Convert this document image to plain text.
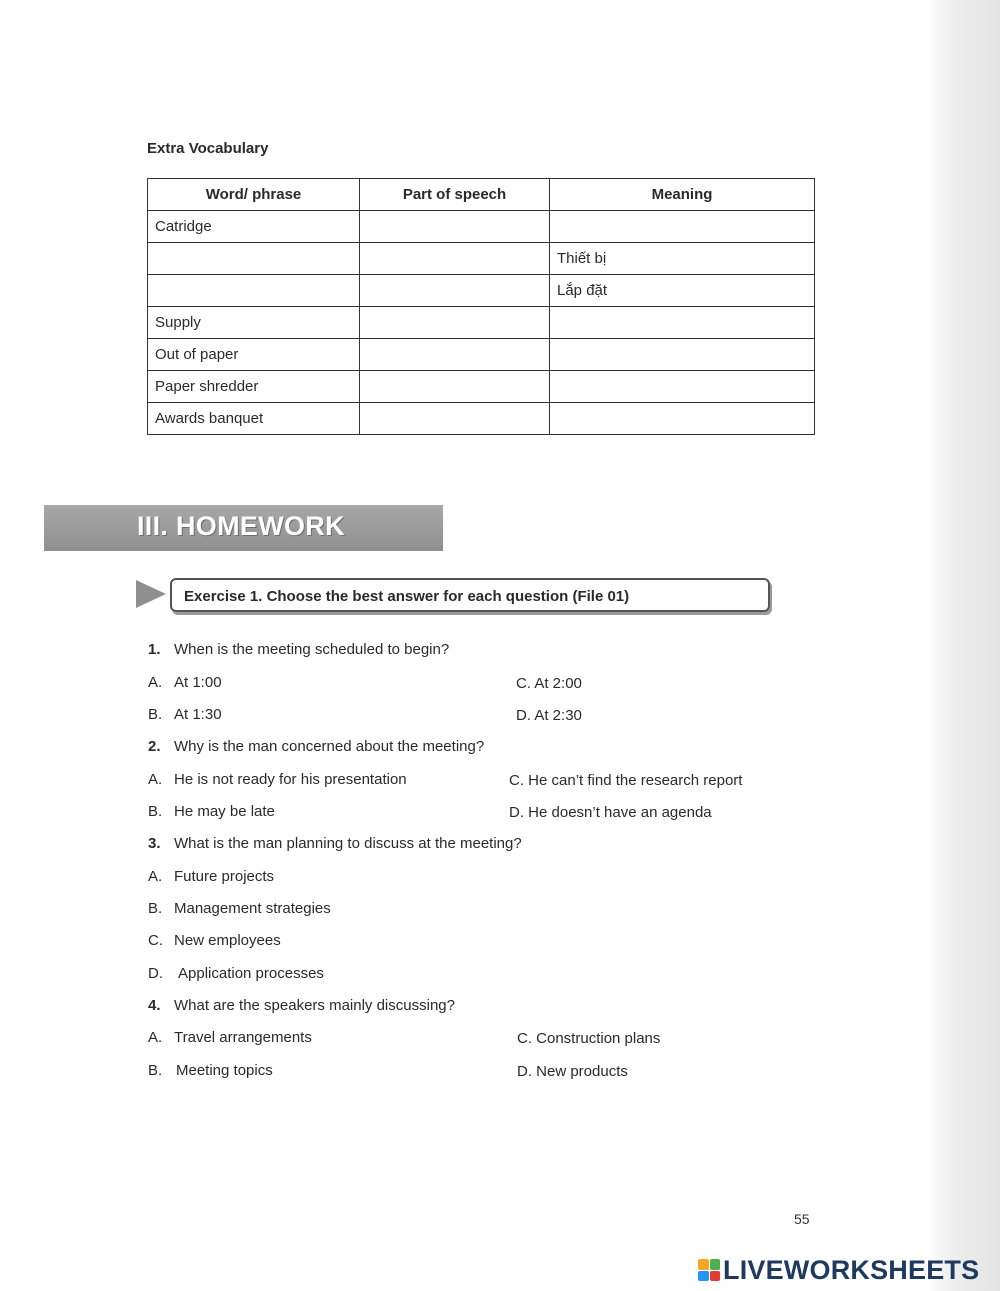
Extra Vocabulary
Word/ phrase	Part of speech	Meaning
Catridge		
		Thiết bị
		Lắp đặt
Supply		
Out of paper		
Paper shredder		
Awards banquet		
III. HOMEWORK
Exercise 1. Choose the best answer for each question (File 01)
1. When is the meeting scheduled to begin?
A. At 1:00	C. At 2:00
B. At 1:30	D. At 2:30
2. Why is the man concerned about the meeting?
A. He is not ready for his presentation	C. He can’t find the research report
B. He may be late	D. He doesn’t have an agenda
3. What is the man planning to discuss at the meeting?
A. Future projects
B. Management strategies
C. New employees
D. Application processes
4. What are the speakers mainly discussing?
A. Travel arrangements	C. Construction plans
B. Meeting topics	D. New products
55
LIVEWORKSHEETS
